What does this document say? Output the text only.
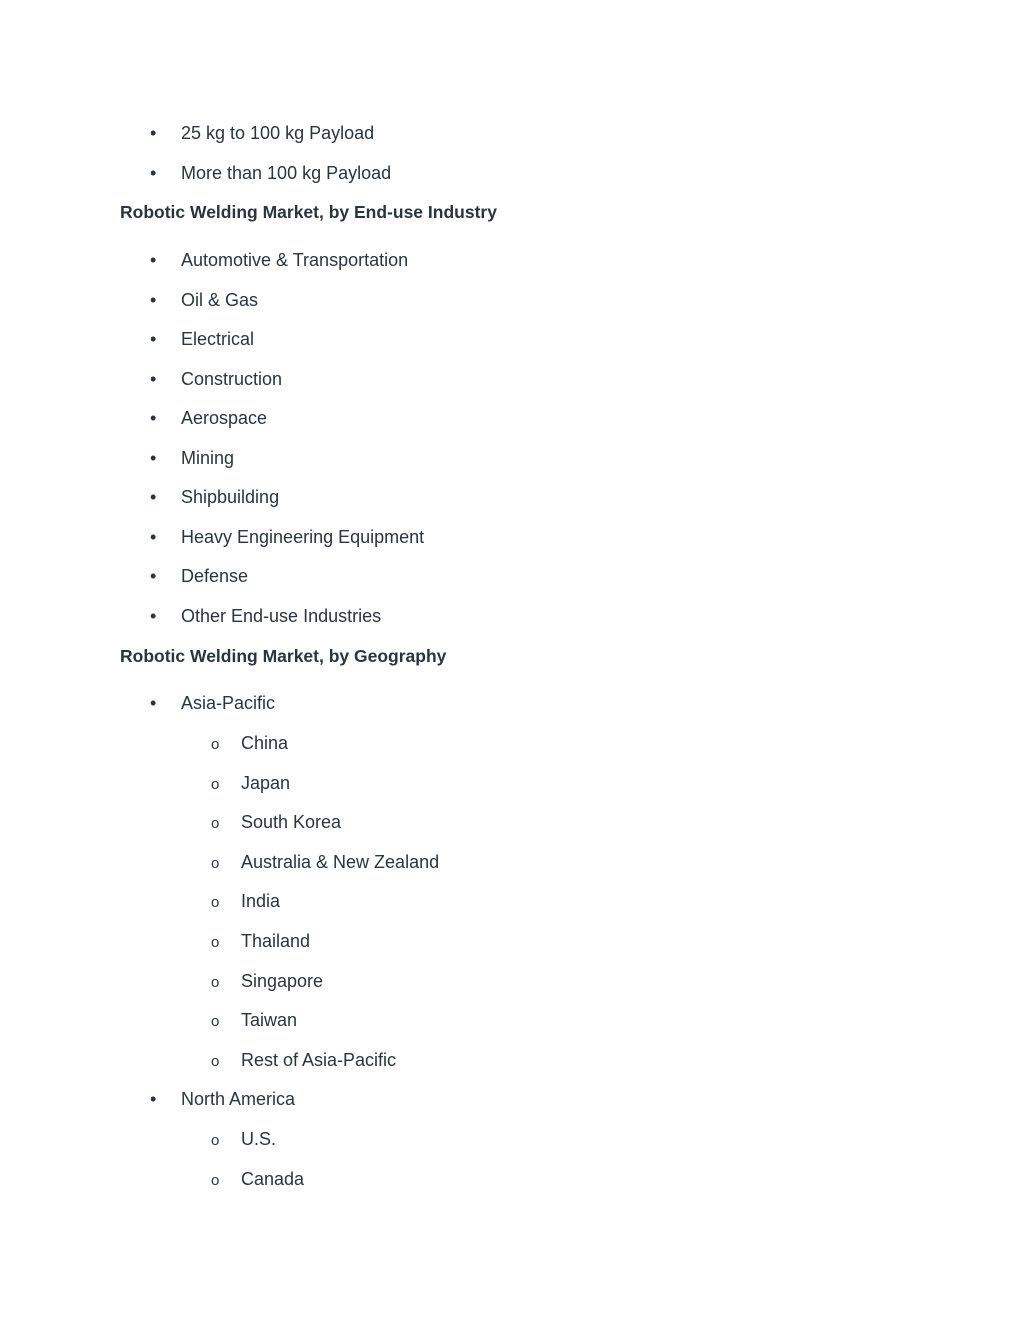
• 25 kg to 100 kg Payload
• More than 100 kg Payload
Robotic Welding Market, by End-use Industry
• Automotive & Transportation
• Oil & Gas
• Electrical
• Construction
• Aerospace
• Mining
• Shipbuilding
• Heavy Engineering Equipment
• Defense
• Other End-use Industries
Robotic Welding Market, by Geography
• Asia-Pacific
o China
o Japan
o South Korea
o Australia & New Zealand
o India
o Thailand
o Singapore
o Taiwan
o Rest of Asia-Pacific
• North America
o U.S.
o Canada
